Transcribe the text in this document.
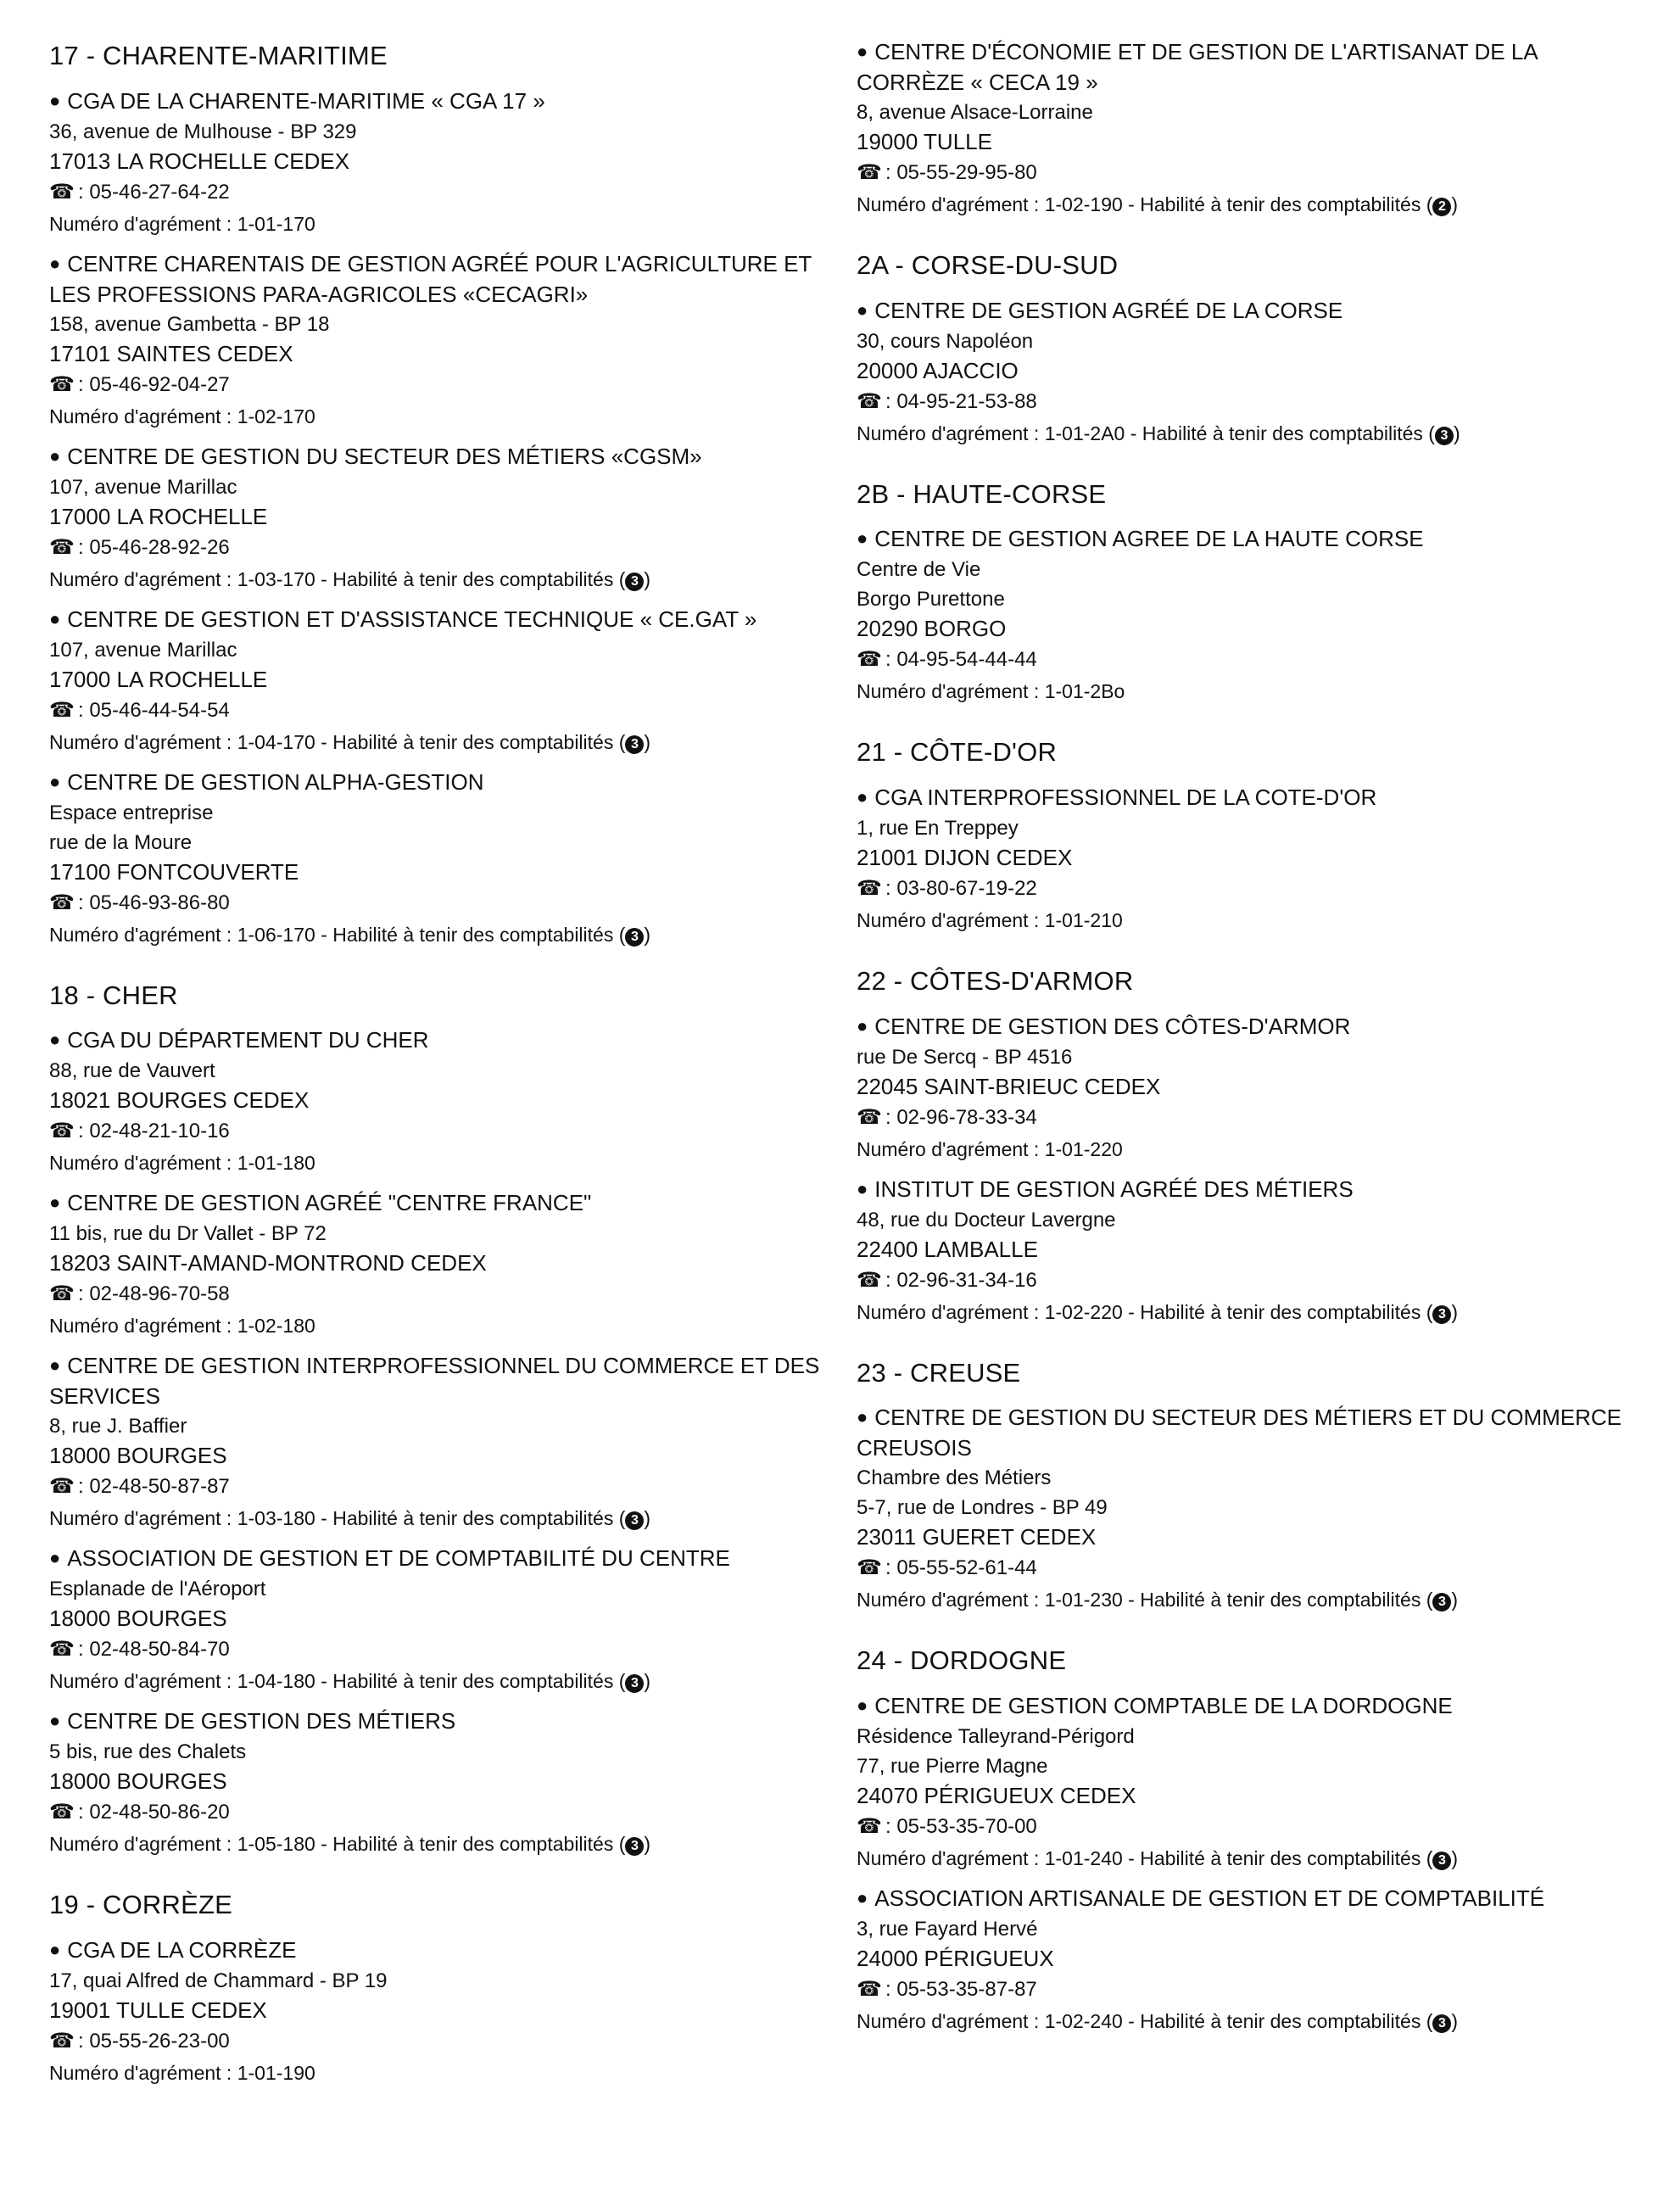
17 - CHARENTE-MARITIME

● CGA DE LA CHARENTE-MARITIME « CGA 17 »

36, avenue de Mulhouse - BP 329

17013 LA ROCHELLE CEDEX

☎ : 05-46-27-64-22

Numéro d'agrément : 1-01-170

● CENTRE CHARENTAIS DE GESTION AGRÉÉ POUR L'AGRICULTURE ET LES PROFESSIONS PARA-AGRICOLES «CECAGRI»

158, avenue Gambetta - BP 18

17101 SAINTES CEDEX

☎ : 05-46-92-04-27

Numéro d'agrément : 1-02-170

● CENTRE DE GESTION DU SECTEUR DES MÉTIERS «CGSM»

107, avenue Marillac

17000 LA ROCHELLE

☎ : 05-46-28-92-26

Numéro d'agrément : 1-03-170 - Habilité à tenir des comptabilités ( 3 )

● CENTRE DE GESTION ET D'ASSISTANCE TECHNIQUE « CE.GAT »

107, avenue Marillac

17000 LA ROCHELLE

☎ : 05-46-44-54-54

Numéro d'agrément : 1-04-170 - Habilité à tenir des comptabilités ( 3 )

● CENTRE DE GESTION ALPHA-GESTION

Espace entreprise

rue de la Moure

17100 FONTCOUVERTE

☎ : 05-46-93-86-80

Numéro d'agrément : 1-06-170 - Habilité à tenir des comptabilités ( 3 )

18 - CHER

● CGA DU DÉPARTEMENT DU CHER

88, rue de Vauvert

18021 BOURGES CEDEX

☎ : 02-48-21-10-16

Numéro d'agrément : 1-01-180

● CENTRE DE GESTION AGRÉÉ "CENTRE FRANCE"

11 bis, rue du Dr Vallet - BP 72

18203 SAINT-AMAND-MONTROND CEDEX

☎ : 02-48-96-70-58

Numéro d'agrément : 1-02-180

● CENTRE DE GESTION INTERPROFESSIONNEL DU COMMERCE ET DES SERVICES

8, rue J. Baffier

18000 BOURGES

☎ : 02-48-50-87-87

Numéro d'agrément : 1-03-180 - Habilité à tenir des comptabilités ( 3 )

● ASSOCIATION DE GESTION ET DE COMPTABILITÉ DU CENTRE

Esplanade de l'Aéroport

18000 BOURGES

☎ : 02-48-50-84-70

Numéro d'agrément : 1-04-180 - Habilité à tenir des comptabilités ( 3 )

● CENTRE DE GESTION DES MÉTIERS

5 bis, rue des Chalets

18000 BOURGES

☎ : 02-48-50-86-20

Numéro d'agrément : 1-05-180 - Habilité à tenir des comptabilités ( 3 )

19 - CORRÈZE

● CGA DE LA CORRÈZE

17, quai Alfred de Chammard - BP 19

19001 TULLE CEDEX

☎ : 05-55-26-23-00

Numéro d'agrément : 1-01-190

● CENTRE D'ÉCONOMIE ET DE GESTION DE L'ARTISANAT DE LA CORRÈZE « CECA 19 »

8, avenue Alsace-Lorraine

19000 TULLE

☎ : 05-55-29-95-80

Numéro d'agrément : 1-02-190 - Habilité à tenir des comptabilités ( 2 )

2A - CORSE-DU-SUD

● CENTRE DE GESTION AGRÉÉ DE LA CORSE

30, cours Napoléon

20000 AJACCIO

☎ : 04-95-21-53-88

Numéro d'agrément : 1-01-2A0 - Habilité à tenir des comptabilités ( 3 )

2B - HAUTE-CORSE

● CENTRE DE GESTION AGREE DE LA HAUTE CORSE

Centre de Vie

Borgo Purettone

20290 BORGO

☎ : 04-95-54-44-44

Numéro d'agrément : 1-01-2Bo

21 - CÔTE-D'OR

● CGA INTERPROFESSIONNEL DE LA COTE-D'OR

1, rue En Treppey

21001 DIJON CEDEX

☎ : 03-80-67-19-22

Numéro d'agrément : 1-01-210

22 - CÔTES-D'ARMOR

● CENTRE DE GESTION DES CÔTES-D'ARMOR

rue De Sercq - BP 4516

22045 SAINT-BRIEUC CEDEX

☎ : 02-96-78-33-34

Numéro d'agrément : 1-01-220

● INSTITUT DE GESTION AGRÉÉ DES MÉTIERS

48, rue du Docteur Lavergne

22400 LAMBALLE

☎ : 02-96-31-34-16

Numéro d'agrément : 1-02-220 - Habilité à tenir des comptabilités ( 3 )

23 - CREUSE

● CENTRE DE GESTION DU SECTEUR DES MÉTIERS ET DU COMMERCE CREUSOIS

Chambre des Métiers

5-7, rue de Londres - BP 49

23011 GUERET CEDEX

☎ : 05-55-52-61-44

Numéro d'agrément : 1-01-230 - Habilité à tenir des comptabilités ( 3 )

24 - DORDOGNE

● CENTRE DE GESTION COMPTABLE DE LA DORDOGNE

Résidence Talleyrand-Périgord

77, rue Pierre Magne

24070 PÉRIGUEUX CEDEX

☎ : 05-53-35-70-00

Numéro d'agrément : 1-01-240 - Habilité à tenir des comptabilités ( 3 )

● ASSOCIATION ARTISANALE DE GESTION ET DE COMPTABILITÉ

3, rue Fayard Hervé

24000 PÉRIGUEUX

☎ : 05-53-35-87-87

Numéro d'agrément : 1-02-240 - Habilité à tenir des comptabilités ( 3 )
